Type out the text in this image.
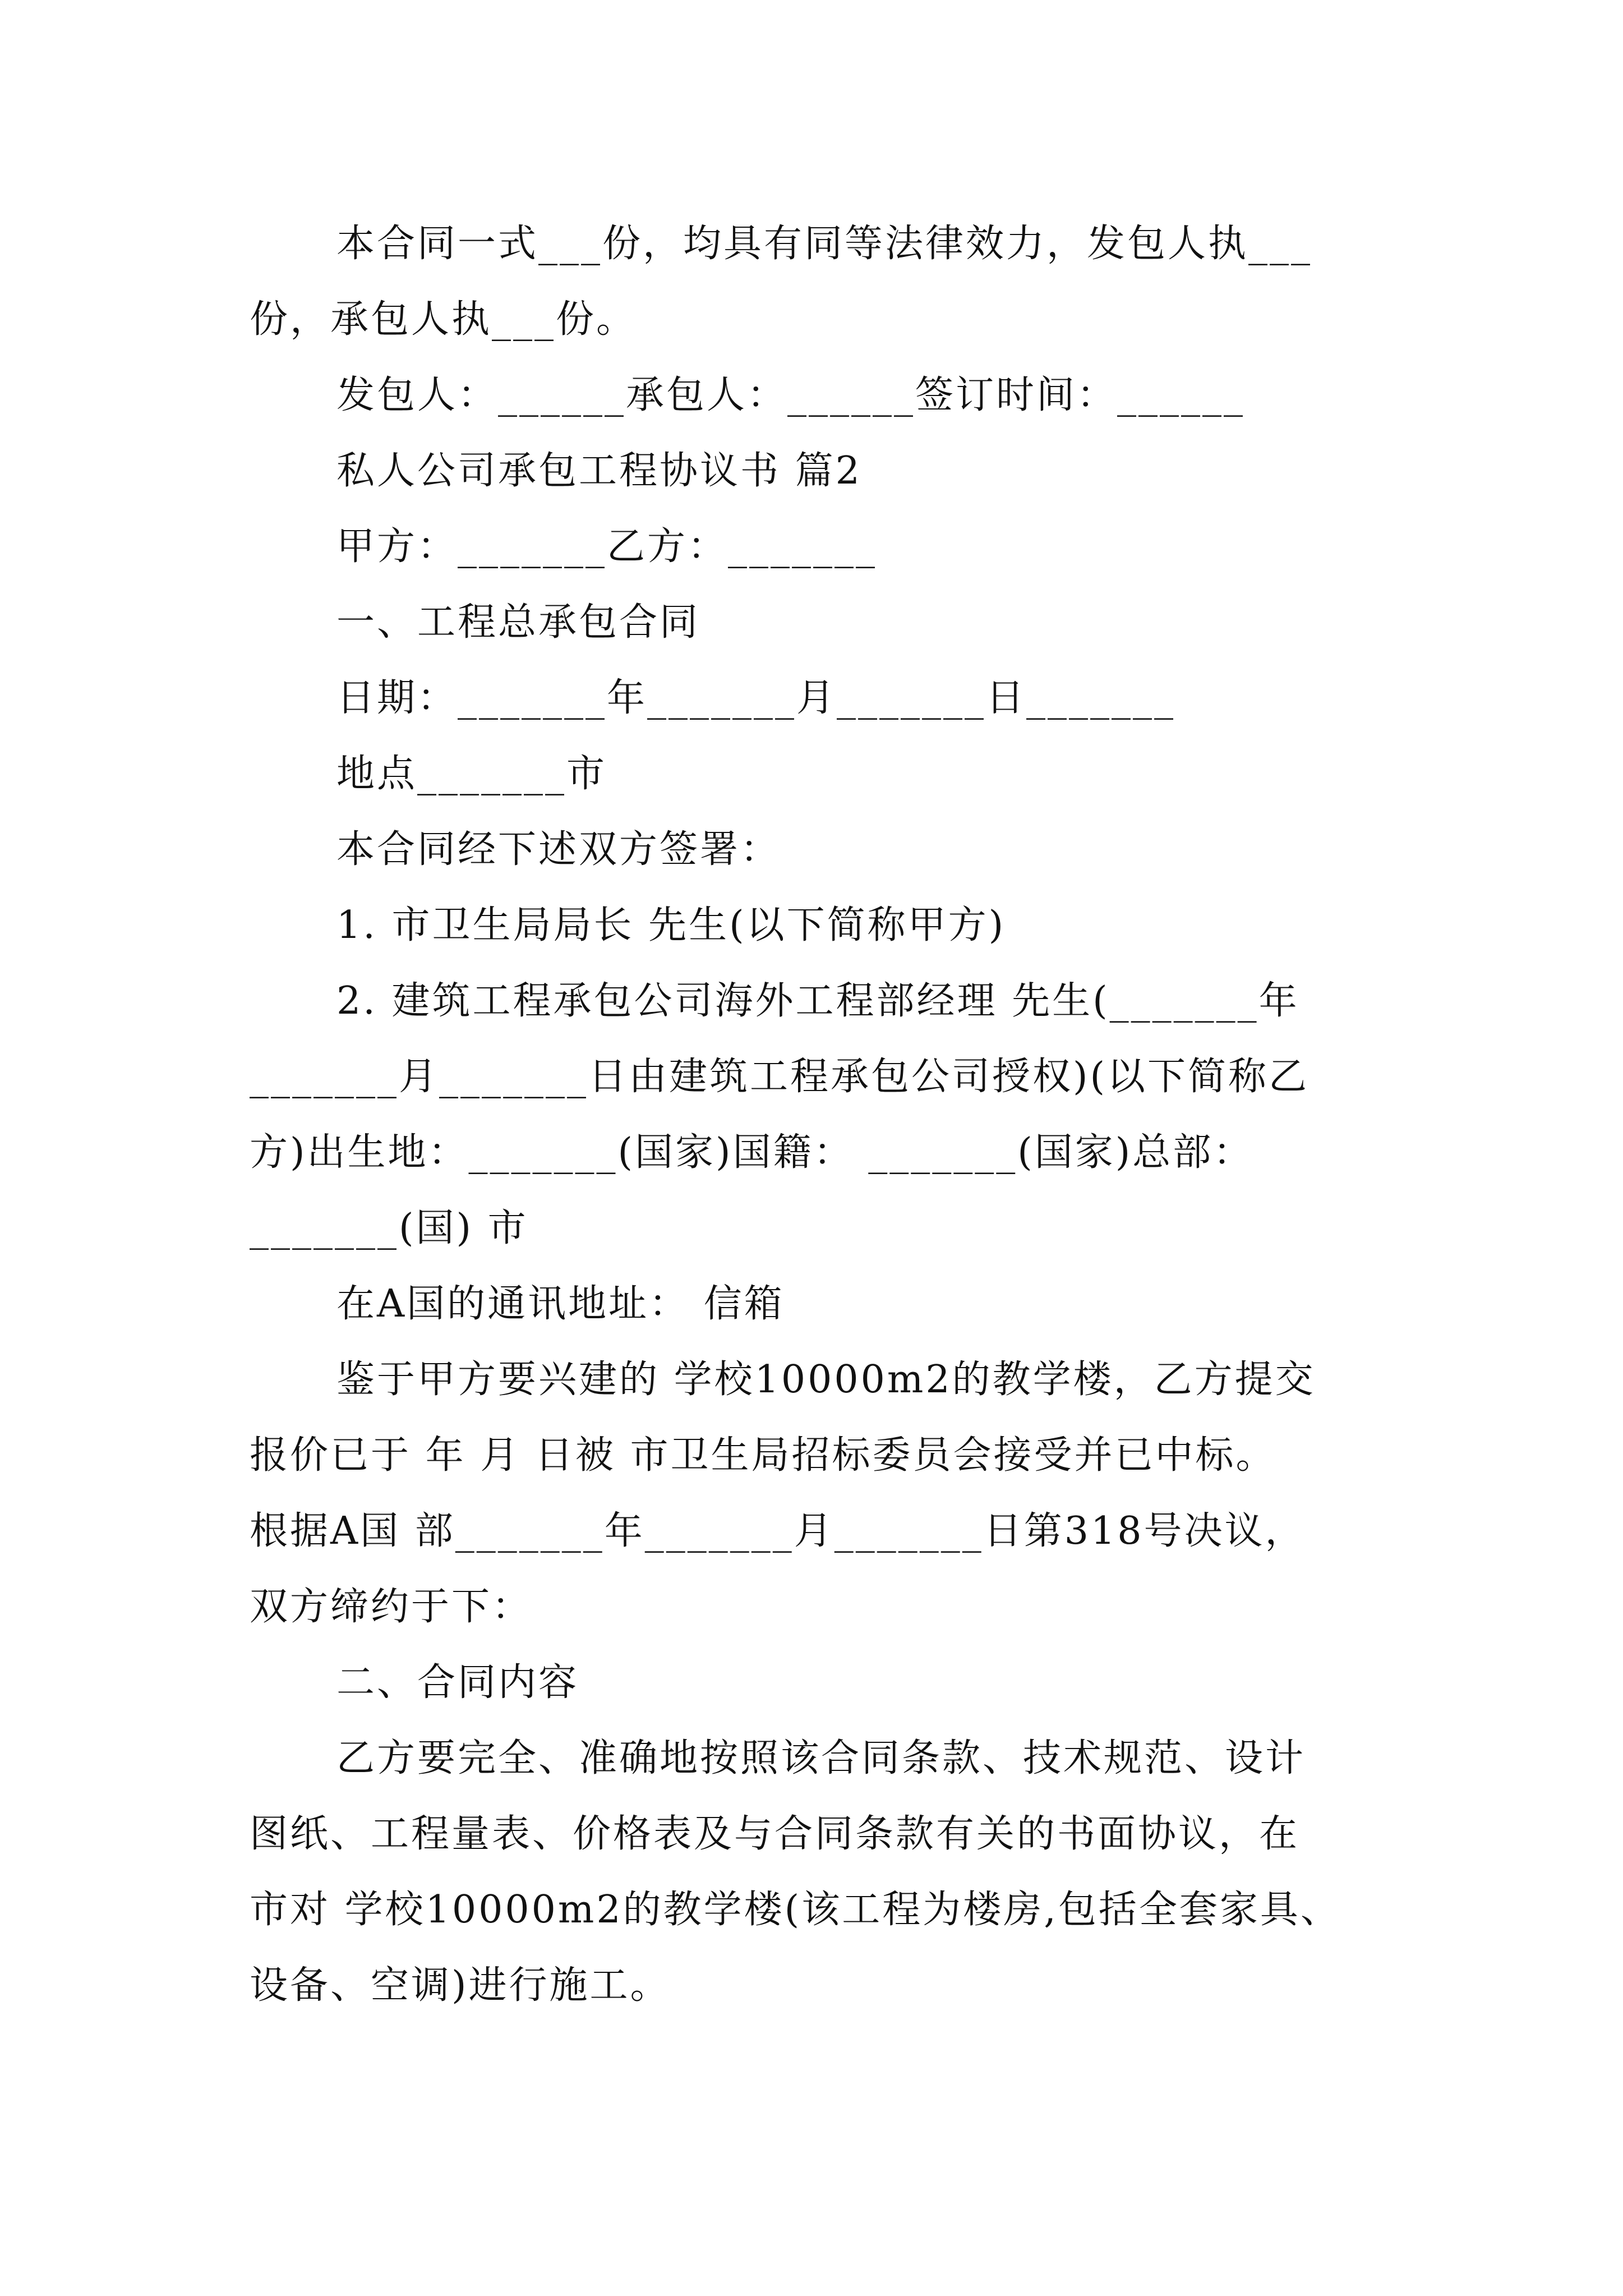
本合同一式___份，均具有同等法律效力，发包人执___
份，承包人执___份。
发包人：______承包人：______签订时间：______
私人公司承包工程协议书 篇2
甲方：_______乙方：_______
一、工程总承包合同
日期：_______年_______月_______日_______
地点_______市
本合同经下述双方签署：
1. 市卫生局局长 先生(以下简称甲方)
2. 建筑工程承包公司海外工程部经理 先生(_______年
_______月_______日由建筑工程承包公司授权)(以下简称乙
方)出生地：_______(国家)国籍： _______(国家)总部：
_______(国) 市
在A国的通讯地址： 信箱
鉴于甲方要兴建的 学校10000m2的教学楼，乙方提交
报价已于 年 月 日被 市卫生局招标委员会接受并已中标。
根据A国 部_______年_______月_______日第318号决议，
双方缔约于下：
二、合同内容
乙方要完全、准确地按照该合同条款、技术规范、设计
图纸、工程量表、价格表及与合同条款有关的书面协议，在
市对 学校10000m2的教学楼(该工程为楼房,包括全套家具、
设备、空调)进行施工。
